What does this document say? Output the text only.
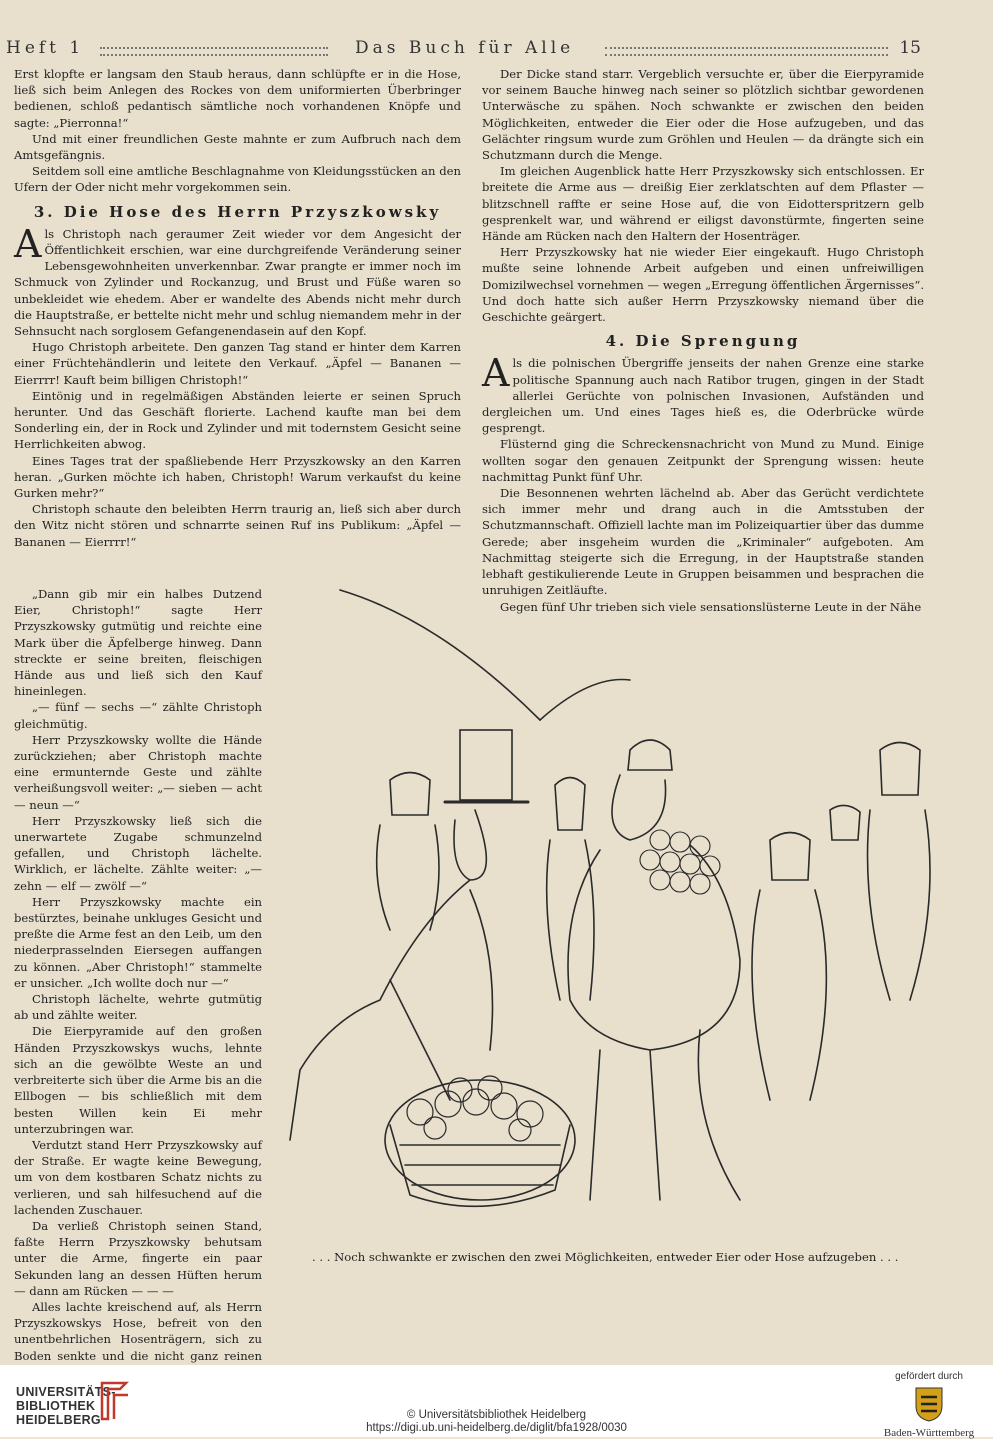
Heft 1	Das Buch für Alle	15

Erst klopfte er langsam den Staub heraus, dann schlüpfte er in die Hose, ließ sich beim Anlegen des Rockes von dem uniformierten Überbringer bedienen, schloß pedantisch sämtliche noch vorhandenen Knöpfe und sagte: „Pierronna!“

Und mit einer freundlichen Geste mahnte er zum Aufbruch nach dem Amtsgefängnis.

Seitdem soll eine amtliche Beschlagnahme von Kleidungsstücken an den Ufern der Oder nicht mehr vorgekommen sein.

3. Die Hose des Herrn Przyszkowsky

Als Christoph nach geraumer Zeit wieder vor dem Angesicht der Öffentlichkeit erschien, war eine durchgreifende Veränderung seiner Lebensgewohnheiten unverkennbar. Zwar prangte er immer noch im Schmuck von Zylinder und Rockanzug, und Brust und Füße waren so unbekleidet wie ehedem. Aber er wandelte des Abends nicht mehr durch die Hauptstraße, er bettelte nicht mehr und schlug niemandem mehr in der Sehnsucht nach sorglosem Gefangenendasein auf den Kopf.

Hugo Christoph arbeitete. Den ganzen Tag stand er hinter dem Karren einer Früchtehändlerin und leitete den Verkauf. „Äpfel — Bananen — Eierrrr! Kauft beim billigen Christoph!“

Eintönig und in regelmäßigen Abständen leierte er seinen Spruch herunter. Und das Geschäft florierte. Lachend kaufte man bei dem Sonderling ein, der in Rock und Zylinder und mit todernstem Gesicht seine Herrlichkeiten abwog.

Eines Tages trat der spaßliebende Herr Przyszkowsky an den Karren heran. „Gurken möchte ich haben, Christoph! Warum verkaufst du keine Gurken mehr?“

Christoph schaute den beleibten Herrn traurig an, ließ sich aber durch den Witz nicht stören und schnarrte seinen Ruf ins Publikum: „Äpfel — Bananen — Eierrrr!“

„Dann gib mir ein halbes Dutzend Eier, Christoph!“ sagte Herr Przyszkowsky gutmütig und reichte eine Mark über die Äpfelberge hinweg. Dann streckte er seine breiten, fleischigen Hände aus und ließ sich den Kauf hineinlegen.

„— fünf — sechs —“ zählte Christoph gleichmütig.

Herr Przyszkowsky wollte die Hände zurückziehen; aber Christoph machte eine ermunternde Geste und zählte verheißungsvoll weiter: „— sieben — acht — neun —“

Herr Przyszkowsky ließ sich die unerwartete Zugabe schmunzelnd gefallen, und Christoph lächelte. Wirklich, er lächelte. Zählte weiter: „— zehn — elf — zwölf —“

Herr Przyszkowsky machte ein bestürztes, beinahe unkluges Gesicht und preßte die Arme fest an den Leib, um den niederprasselnden Eiersegen auffangen zu können. „Aber Christoph!“ stammelte er unsicher. „Ich wollte doch nur —“

Christoph lächelte, wehrte gutmütig ab und zählte weiter.

Die Eierpyramide auf den großen Händen Przyszkowskys wuchs, lehnte sich an die gewölbte Weste an und verbreiterte sich über die Arme bis an die Ellbogen — bis schließlich mit dem besten Willen kein Ei mehr unterzubringen war.

Verdutzt stand Herr Przyszkowsky auf der Straße. Er wagte keine Bewegung, um von dem kostbaren Schatz nichts zu verlieren, und sah hilfesuchend auf die lachenden Zuschauer.

Da verließ Christoph seinen Stand, faßte Herrn Przyszkowsky behutsam unter die Arme, fingerte ein paar Sekunden lang an dessen Hüften herum — dann am Rücken — — —

Alles lachte kreischend auf, als Herrn Przyszkowskys Hose, befreit von den unentbehrlichen Hosenträgern, sich zu Boden senkte und die nicht ganz reinen

Der Dicke stand starr. Vergeblich versuchte er, über die Eierpyramide vor seinem Bauche hinweg nach seiner so plötzlich sichtbar gewordenen Unterwäsche zu spähen. Noch schwankte er zwischen den beiden Möglichkeiten, entweder die Eier oder die Hose aufzugeben, und das Gelächter ringsum wurde zum Gröhlen und Heulen — da drängte sich ein Schutzmann durch die Menge.

Im gleichen Augenblick hatte Herr Przyszkowsky sich entschlossen. Er breitete die Arme aus — dreißig Eier zerklatschten auf dem Pflaster — blitzschnell raffte er seine Hose auf, die von Eidotterspritzern gelb gesprenkelt war, und während er eiligst davonstürmte, fingerten seine Hände am Rücken nach den Haltern der Hosenträger.

Herr Przyszkowsky hat nie wieder Eier eingekauft. Hugo Christoph mußte seine lohnende Arbeit aufgeben und einen unfreiwilligen Domizilwechsel vornehmen — wegen „Erregung öffentlichen Ärgernisses“. Und doch hatte sich außer Herrn Przyszkowsky niemand über die Geschichte geärgert.

4. Die Sprengung

Als die polnischen Übergriffe jenseits der nahen Grenze eine starke politische Spannung auch nach Ratibor trugen, gingen in der Stadt allerlei Gerüchte von polnischen Invasionen, Aufständen und dergleichen um. Und eines Tages hieß es, die Oderbrücke würde gesprengt.

Flüsternd ging die Schreckensnachricht von Mund zu Mund. Einige wollten sogar den genauen Zeitpunkt der Sprengung wissen: heute nachmittag Punkt fünf Uhr.

Die Besonnenen wehrten lächelnd ab. Aber das Gerücht verdichtete sich immer mehr und drang auch in die Amtsstuben der Schutzmannschaft. Offiziell lachte man im Polizeiquartier über das dumme Gerede; aber insgeheim wurden die „Kriminaler“ aufgeboten. Am Nachmittag steigerte sich die Erregung, in der Hauptstraße standen lebhaft gestikulierende Leute in Gruppen beisammen und besprachen die unruhigen Zeitläufte.

Gegen fünf Uhr trieben sich viele sensationslüsterne Leute in der Nähe

. . . Noch schwankte er zwischen den zwei Möglichkeiten, entweder Eier oder Hose aufzugeben . . .
UNIVERSITÄTS-
BIBLIOTHEK
HEIDELBERG	© Universitätsbibliothek Heidelberg
https://digi.ub.uni-heidelberg.de/diglit/bfa1928/0030
gefördert durch
Baden-Württemberg
